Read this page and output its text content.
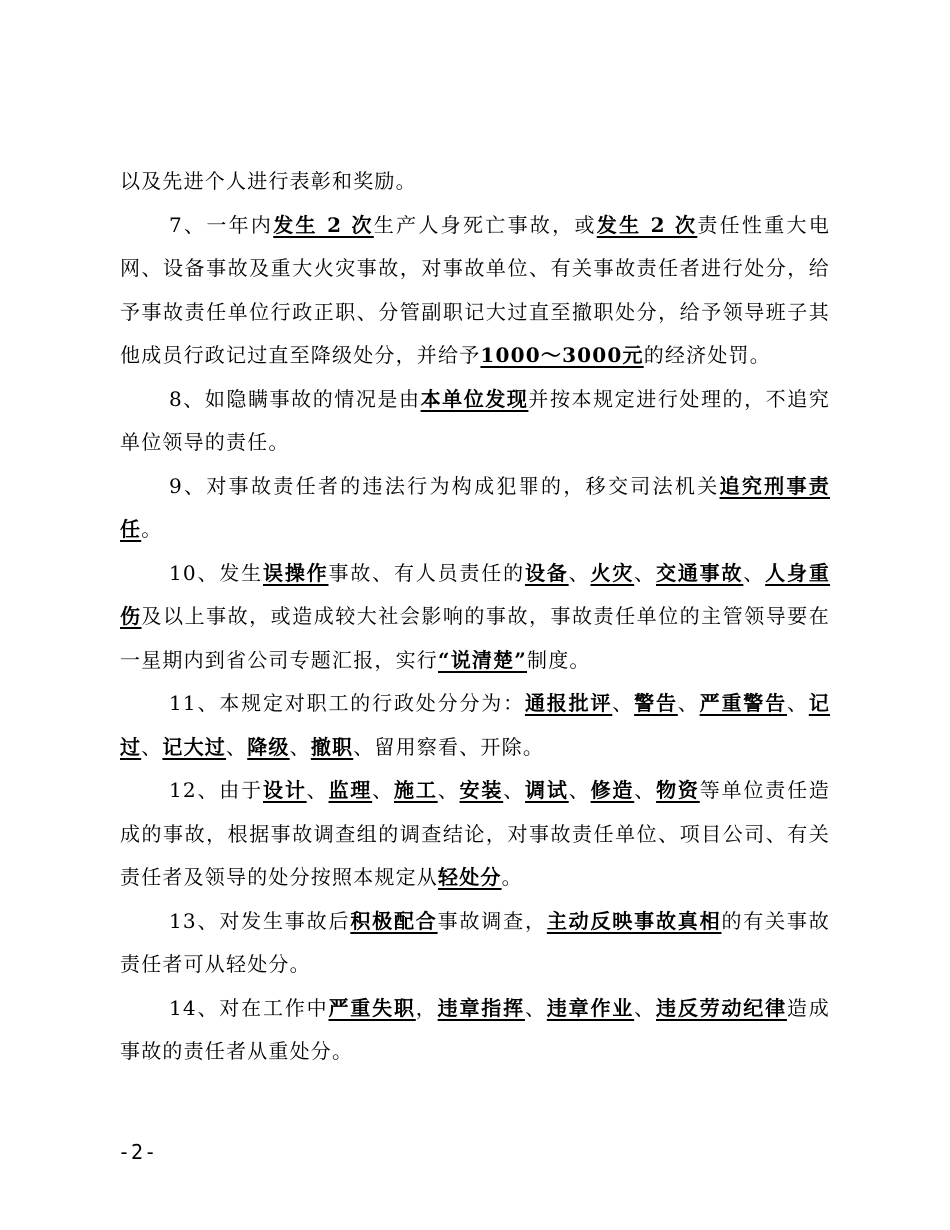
以及先进个人进行表彰和奖励。

7、一年内发生 2 次生产人身死亡事故，或发生 2 次责任性重大电网、设备事故及重大火灾事故，对事故单位、有关事故责任者进行处分，给予事故责任单位行政正职、分管副职记大过直至撤职处分，给予领导班子其他成员行政记过直至降级处分，并给予1000～3000元的经济处罚。

8、如隐瞒事故的情况是由本单位发现并按本规定进行处理的，不追究单位领导的责任。

9、对事故责任者的违法行为构成犯罪的，移交司法机关追究刑事责任。

10、发生误操作事故、有人员责任的设备、火灾、交通事故、人身重伤及以上事故，或造成较大社会影响的事故，事故责任单位的主管领导要在一星期内到省公司专题汇报，实行“说清楚”制度。

11、本规定对职工的行政处分分为：通报批评、警告、严重警告、记过、记大过、降级、撤职、留用察看、开除。

12、由于设计、监理、施工、安装、调试、修造、物资等单位责任造成的事故，根据事故调查组的调查结论，对事故责任单位、项目公司、有关责任者及领导的处分按照本规定从轻处分。

13、对发生事故后积极配合事故调查，主动反映事故真相的有关事故责任者可从轻处分。

14、对在工作中严重失职，违章指挥、违章作业、违反劳动纪律造成事故的责任者从重处分。

-2-
